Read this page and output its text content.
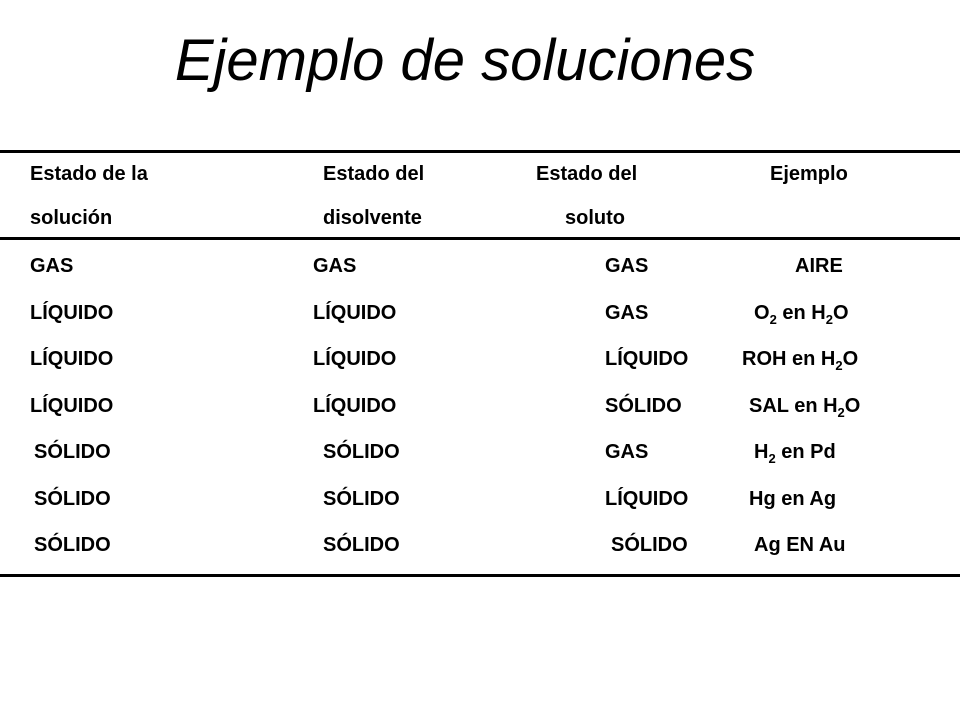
Ejemplo de soluciones
Estado de la	Estado del	Estado del	Ejemplo
solución	disolvente	soluto
GAS	GAS	GAS	AIRE
LÍQUIDO	LÍQUIDO	GAS	$O_2$ en $H_2O$
LÍQUIDO	LÍQUIDO	LÍQUIDO	ROH en $H_2O$
LÍQUIDO	LÍQUIDO	SÓLIDO	SAL en $H_2O$
SÓLIDO	SÓLIDO	GAS	$H_2$ en Pd
SÓLIDO	SÓLIDO	LÍQUIDO	Hg en Ag
SÓLIDO	SÓLIDO	SÓLIDO	Ag EN Au
